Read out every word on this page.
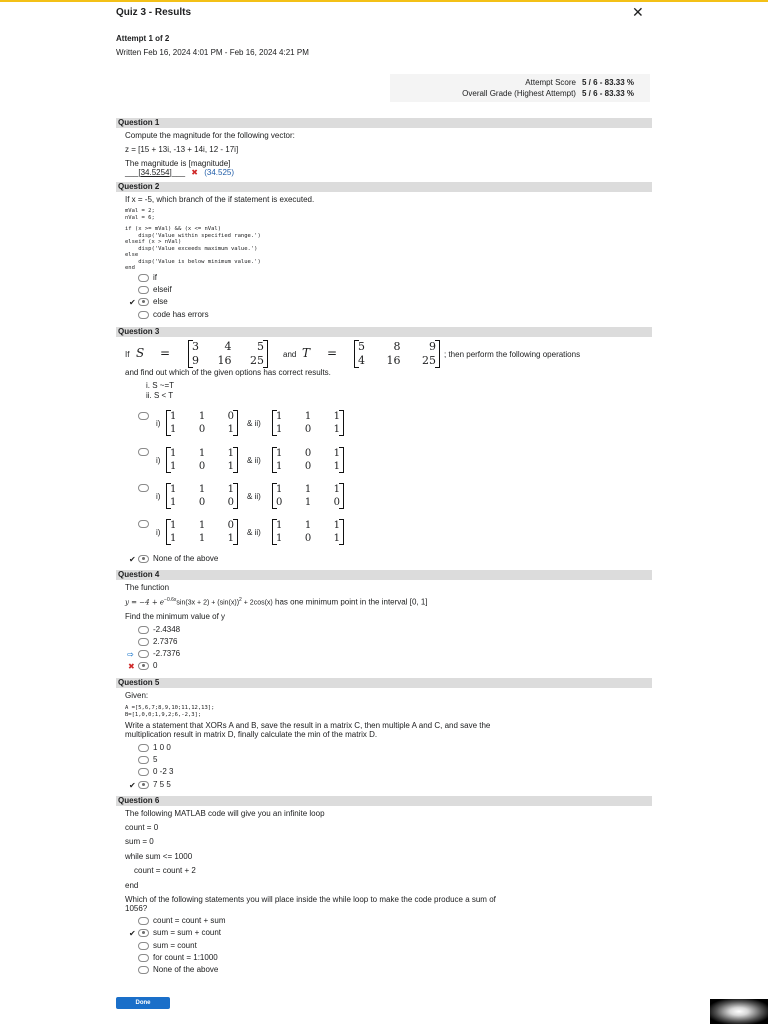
Quiz 3 - Results	✕
Attempt 1 of 2
Written Feb 16, 2024 4:01 PM - Feb 16, 2024 4:21 PM
Attempt Score 5 / 6 - 83.33 %
Overall Grade (Highest Attempt) 5 / 6 - 83.33 %
Question 1
Compute the magnitude for the following vector:
z = [15 + 13i, -13 + 14i, 12 - 17i]
The magnitude is [magnitude]
___[34.5254]___ ✖ (34.525)
Question 2
If x = -5, which branch of the if statement is executed.
mVal = 2;
nVal = 6;
if (x >= mVal) && (x <= nVal)
disp('Value within specified range.')
elseif (x > nVal)
disp('Value exceeds maximum value.')
else
disp('Value is below minimum value.')
end
if
elseif
✔	else
code has errors
Question 3
If S = 3 4 5
9 16 25 and T = 5	8	9
4 16 25 ; then perform the following operations
and find out which of the given options has correct results.
i. S ~=T
ii. S < T
i)
1 1 0
1 0 1
& ii)
1 1 1
1 0 1
i)
1 1 1
1 0 1
& ii)
1 0 1
1 0 1
i)
1 1 1
1 0 0
& ii)
1 1 1
0 1 0
i)
1 1 0
1 1 1
& ii)
1 1 1
1 0 1
✔	None of the above
Question 4
The function
$y = -4 + e^{-0.6x}\sin(3x + 2) + (\sin(x))^2 + 2\cos(x)$ has one minimum point in the interval [0, 1]
Find the minimum value of y
-2.4348
2.7376
⇨	-2.7376
✖	0
Question 5
Given:
A =[5,6,7;8,9,10;11,12,13];
B=[1,0,0;1,9,2;6,-2,3];
Write a statement that XORs A and B, save the result in a matrix C, then multiple A and C, and save the
multiplication result in matrix D, finally calculate the min of the matrix D.
1 0 0
5
0 -2 3
✔	7 5 5
Question 6
The following MATLAB code will give you an infinite loop
count = 0
sum = 0
while sum <= 1000
count = count + 2
end
Which of the following statements you will place inside the while loop to make the code produce a sum of
1056?
count = count + sum
✔	sum = sum + count
sum = count
for count = 1:1000
None of the above
Done
